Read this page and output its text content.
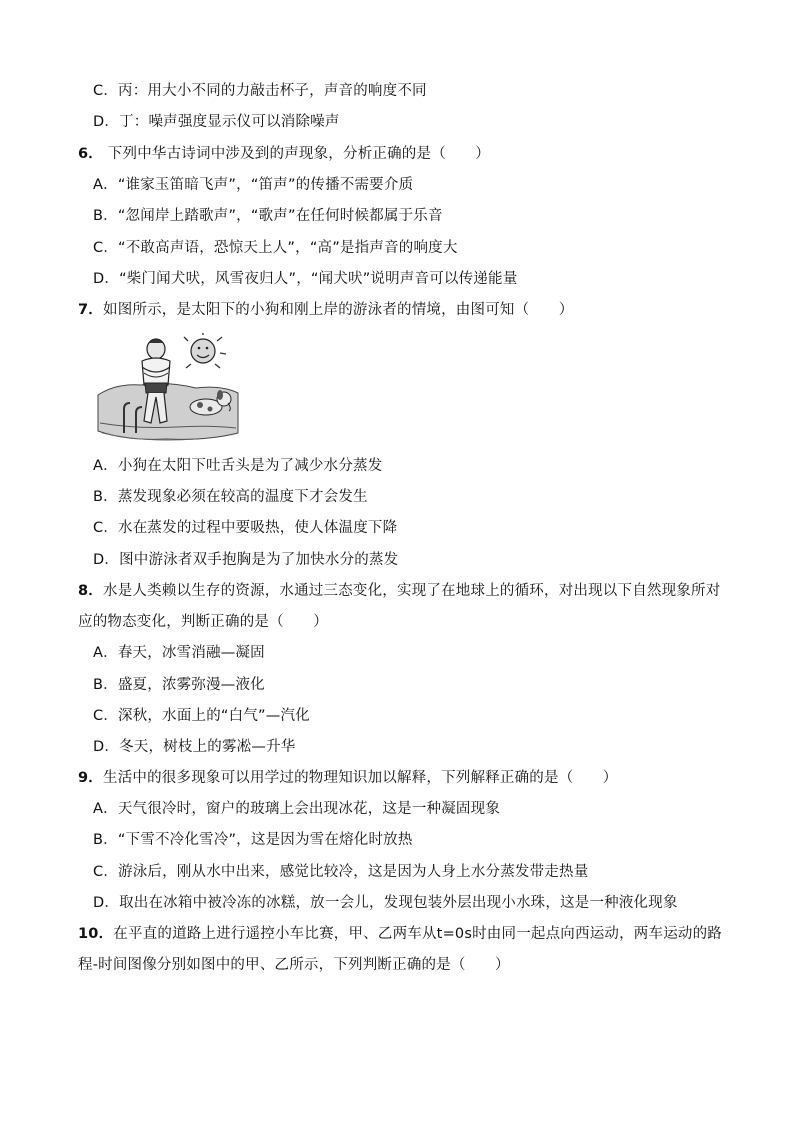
C．丙：用大小不同的力敲击杯子，声音的响度不同
D．丁：噪声强度显示仪可以消除噪声
6． 下列中华古诗词中涉及到的声现象，分析正确的是（　　）
A．“谁家玉笛暗飞声”，“笛声”的传播不需要介质
B．“忽闻岸上踏歌声”，“歌声”在任何时候都属于乐音
C．“不敢高声语，恐惊天上人”，“高”是指声音的响度大
D．“柴门闻犬吠，风雪夜归人”，“闻犬吠”说明声音可以传递能量
7．如图所示，是太阳下的小狗和刚上岸的游泳者的情境，由图可知（　　）
A．小狗在太阳下吐舌头是为了减少水分蒸发
B．蒸发现象必须在较高的温度下才会发生
C．水在蒸发的过程中要吸热，使人体温度下降
D．图中游泳者双手抱胸是为了加快水分的蒸发
8．水是人类赖以生存的资源，水通过三态变化，实现了在地球上的循环，对出现以下自然现象所对
应的物态变化，判断正确的是（　　）
A．春天，冰雪消融—凝固
B．盛夏，浓雾弥漫—液化
C．深秋，水面上的“白气”—汽化
D．冬天，树枝上的雾凇—升华
9．生活中的很多现象可以用学过的物理知识加以解释，下列解释正确的是（　　）
A．天气很冷时，窗户的玻璃上会出现冰花，这是一种凝固现象
B．“下雪不冷化雪冷”，这是因为雪在熔化时放热
C．游泳后，刚从水中出来，感觉比较冷，这是因为人身上水分蒸发带走热量
D．取出在冰箱中被冷冻的冰糕，放一会儿，发现包装外层出现小水珠，这是一种液化现象
10．在平直的道路上进行遥控小车比赛，甲、乙两车从t=0s时由同一起点向西运动，两车运动的路
程-时间图像分别如图中的甲、乙所示，下列判断正确的是（　　）
